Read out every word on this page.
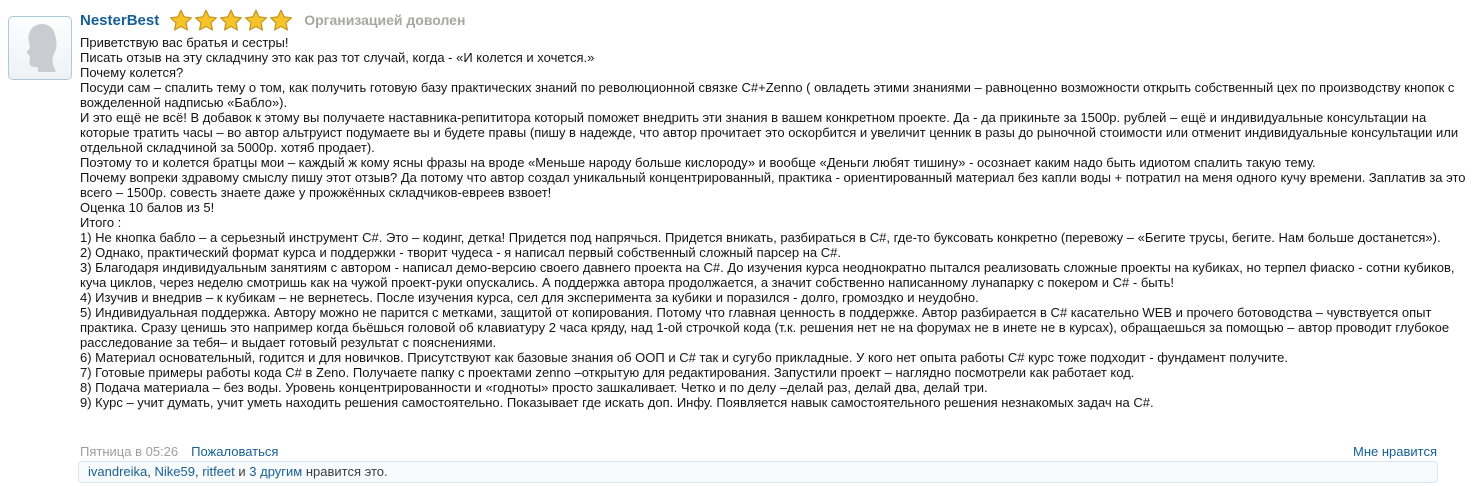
NesterBest	Организацией доволен
Приветствую вас братья и сестры!
Писать отзыв на эту складчину это как раз тот случай, когда - «И колется и хочется.»
Почему колется?
Посуди сам – спалить тему о том, как получить готовую базу практических знаний по революционной связке C#+Zenno ( овладеть этими знаниями – равноценно возможности открыть собственный цех по производству кнопок с вожделенной надписью «Бабло»).
И это ещё не всё! В добавок к этому вы получаете наставника-репититора который поможет внедрить эти знания в вашем конкретном проекте. Да - да прикиньте за 1500р. рублей – ещё и индивидуальные консультации на которые тратить часы – во автор альтруист подумаете вы и будете правы (пишу в надежде, что автор прочитает это оскорбится и увеличит ценник в разы до рыночной стоимости или отменит индивидуальные консультации или отдельной складчиной за 5000р. хотяб продает).
Поэтому то и колется братцы мои – каждый ж кому ясны фразы на вроде «Меньше народу больше кислороду» и вообще «Деньги любят тишину» - осознает каким надо быть идиотом спалить такую тему.
Почему вопреки здравому смыслу пишу этот отзыв? Да потому что автор создал уникальный концентрированный, практика - ориентированный материал без капли воды + потратил на меня одного кучу времени. Заплатив за это всего – 1500р. совесть знаете даже у прожжённых складчиков-евреев взвоет!
Оценка 10 балов из 5!
Итого :
1) Не кнопка бабло – а серьезный инструмент C#. Это – кодинг, детка! Придется под напрячься. Придется вникать, разбираться в C#, где-то буксовать конкретно (перевожу – «Бегите трусы, бегите. Нам больше достанется»).
2) Однако, практический формат курса и поддержки - творит чудеса - я написал первый собственный сложный парсер на C#.
3) Благодаря индивидуальным занятиям с автором - написал демо-версию своего давнего проекта на C#. До изучения курса неоднократно пытался реализовать сложные проекты на кубиках, но терпел фиаско - сотни кубиков, куча циклов, через неделю смотришь как на чужой проект-руки опускались. А поддержка автора продолжается, а значит собственно написанному лунапарку с покером и C# - быть!
4) Изучив и внедрив – к кубикам – не вернетесь. После изучения курса, сел для эксперимента за кубики и поразился - долго, громоздко и неудобно.
5) Индивидуальная поддержка. Автору можно не парится с метками, защитой от копирования. Потому что главная ценность в поддержке. Автор разбирается в C# касательно WEB и прочего ботоводства – чувствуется опыт практика. Сразу ценишь это например когда бьёшься головой об клавиатуру 2 часа кряду, над 1-ой строчкой кода (т.к. решения нет не на форумах не в инете не в курсах), обращаешься за помощью – автор проводит глубокое расследование за тебя– и выдает готовый результат с пояснениями.
6) Материал основательный, годится и для новичков. Присутствуют как базовые знания об ООП и C# так и сугубо прикладные. У кого нет опыта работы C# курс тоже подходит - фундамент получите.
7) Готовые примеры работы кода C# в Zeno. Получаете папку с проектами zenno –открытую для редактирования. Запустили проект – наглядно посмотрели как работает код.
8) Подача материала – без воды. Уровень концентрированности и «годноты» просто зашкаливает. Четко и по делу –делай раз, делай два, делай три.
9) Курс – учит думать, учит уметь находить решения самостоятельно. Показывает где искать доп. Инфу. Появляется навык самостоятельного решения незнакомых задач на C#.
Пятница в 05:26 Пожаловаться	Мне нравится
ivandreika, Nike59, ritfeet и 3 другим нравится это.
